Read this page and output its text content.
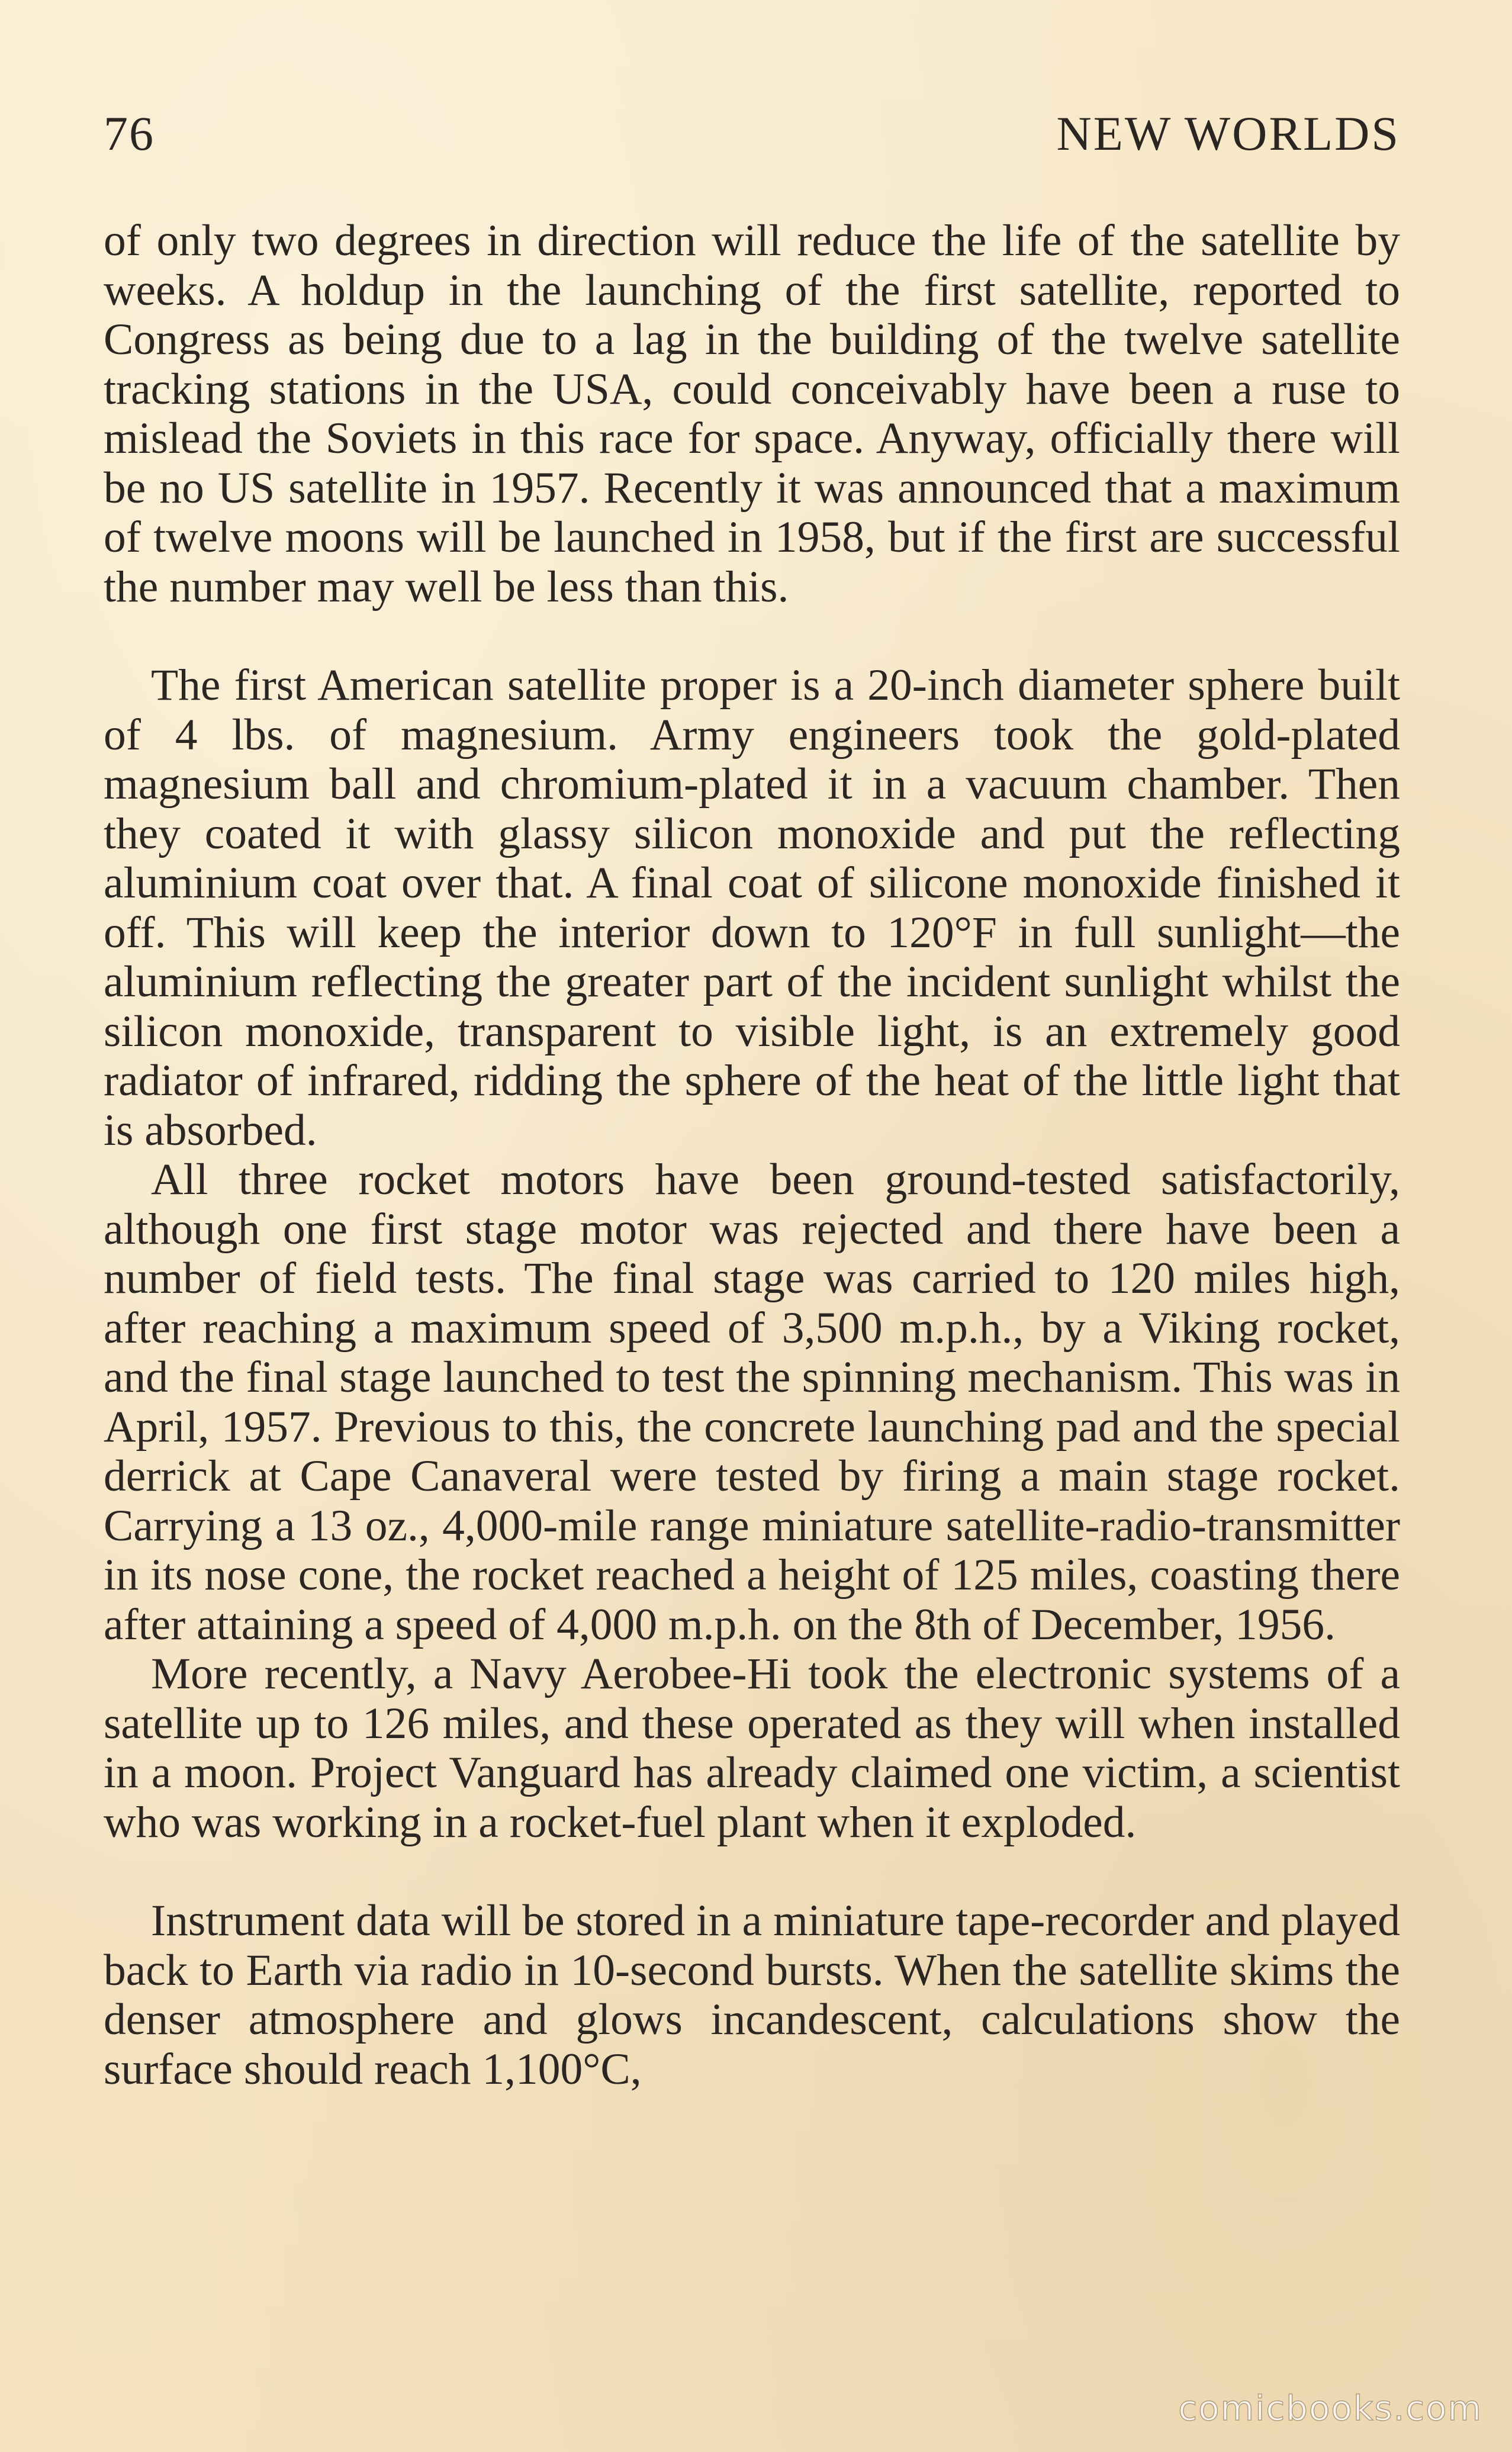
76	NEW WORLDS

of only two degrees in direction will reduce the life of the satellite by weeks. A holdup in the launching of the first satellite, reported to Congress as being due to a lag in the building of the twelve satellite tracking stations in the USA, could conceivably have been a ruse to mislead the Soviets in this race for space. Anyway, officially there will be no US satellite in 1957. Recently it was announced that a maximum of twelve moons will be launched in 1958, but if the first are successful the number may well be less than this.

The first American satellite proper is a 20-inch diameter sphere built of 4 lbs. of magnesium. Army engineers took the gold-plated magnesium ball and chromium-plated it in a vacuum chamber. Then they coated it with glassy silicon monoxide and put the reflecting aluminium coat over that. A final coat of silicone monoxide finished it off. This will keep the interior down to 120°F in full sunlight—the aluminium reflecting the greater part of the incident sunlight whilst the silicon monoxide, transparent to visible light, is an extremely good radiator of infrared, ridding the sphere of the heat of the little light that is absorbed.

All three rocket motors have been ground-tested satisfactorily, although one first stage motor was rejected and there have been a number of field tests. The final stage was carried to 120 miles high, after reaching a maximum speed of 3,500 m.p.h., by a Viking rocket, and the final stage launched to test the spinning mechanism. This was in April, 1957. Previous to this, the concrete launching pad and the special derrick at Cape Canaveral were tested by firing a main stage rocket. Carrying a 13 oz., 4,000-mile range miniature satellite-radio-transmitter in its nose cone, the rocket reached a height of 125 miles, coasting there after attaining a speed of 4,000 m.p.h. on the 8th of December, 1956.

More recently, a Navy Aerobee-Hi took the electronic systems of a satellite up to 126 miles, and these operated as they will when installed in a moon. Project Vanguard has already claimed one victim, a scientist who was working in a rocket-fuel plant when it exploded.

Instrument data will be stored in a miniature tape-recorder and played back to Earth via radio in 10-second bursts. When the satellite skims the denser atmosphere and glows incandescent, calculations show the surface should reach 1,100°C,

comicbooks.com
